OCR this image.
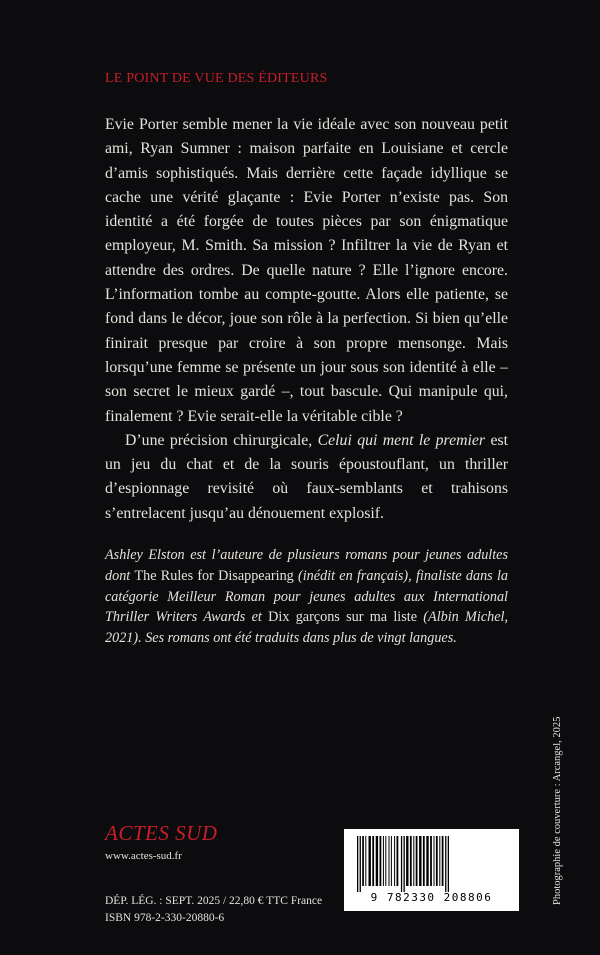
LE POINT DE VUE DES ÉDITEURS

Evie Porter semble mener la vie idéale avec son nouveau petit ami, Ryan Sumner : maison parfaite en Louisiane et cercle d’amis sophistiqués. Mais derrière cette façade idyllique se cache une vérité glaçante : Evie Porter n’existe pas. Son identité a été forgée de toutes pièces par son énigmatique employeur, M. Smith. Sa mission ? Infiltrer la vie de Ryan et attendre des ordres. De quelle nature ? Elle l’ignore encore. L’information tombe au compte-goutte. Alors elle patiente, se fond dans le décor, joue son rôle à la perfection. Si bien qu’elle finirait presque par croire à son propre mensonge. Mais lorsqu’une femme se présente un jour sous son identité à elle – son secret le mieux gardé –, tout bascule. Qui manipule qui, finalement ? Evie serait-elle la véritable cible ?

D’une précision chirurgicale, Celui qui ment le premier est un jeu du chat et de la souris époustouflant, un thriller d’espionnage revisité où faux-semblants et trahisons s’entrelacent jusqu’au dénouement explosif.

Ashley Elston est l’auteure de plusieurs romans pour jeunes adultes dont The Rules for Disappearing (inédit en français), finaliste dans la catégorie Meilleur Roman pour jeunes adultes aux International Thriller Writers Awards et Dix garçons sur ma liste (Albin Michel, 2021). Ses romans ont été traduits dans plus de vingt langues.

ACTES SUD
www.actes-sud.fr
DÉP. LÉG. : SEPT. 2025 / 22,80 € TTC France
ISBN 978-2-330-20880-6
9 782330 208806	Photographie de couverture : Arcangel, 2025
